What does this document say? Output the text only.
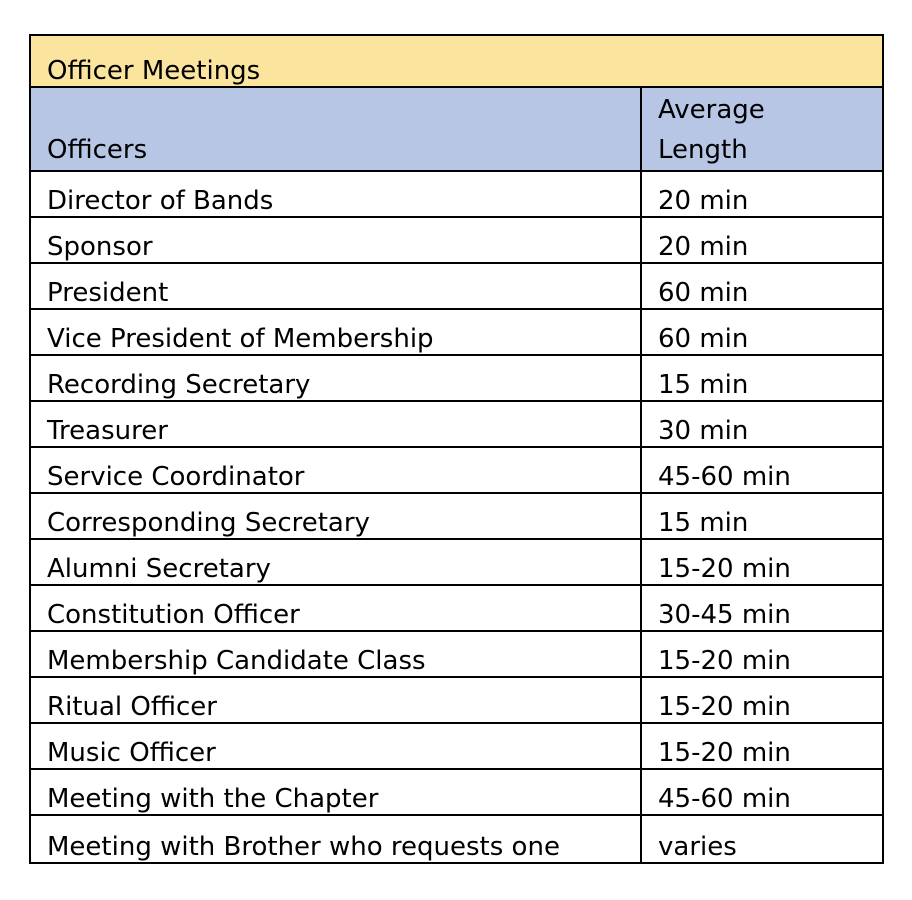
Officer Meetings	
Officers	Average
Length
Director of Bands	20 min
Sponsor	20 min
President	60 min
Vice President of Membership	60 min
Recording Secretary	15 min
Treasurer	30 min
Service Coordinator	45-60 min
Corresponding Secretary	15 min
Alumni Secretary	15-20 min
Constitution Officer	30-45 min
Membership Candidate Class	15-20 min
Ritual Officer	15-20 min
Music Officer	15-20 min
Meeting with the Chapter	45-60 min
Meeting with Brother who requests one	varies
